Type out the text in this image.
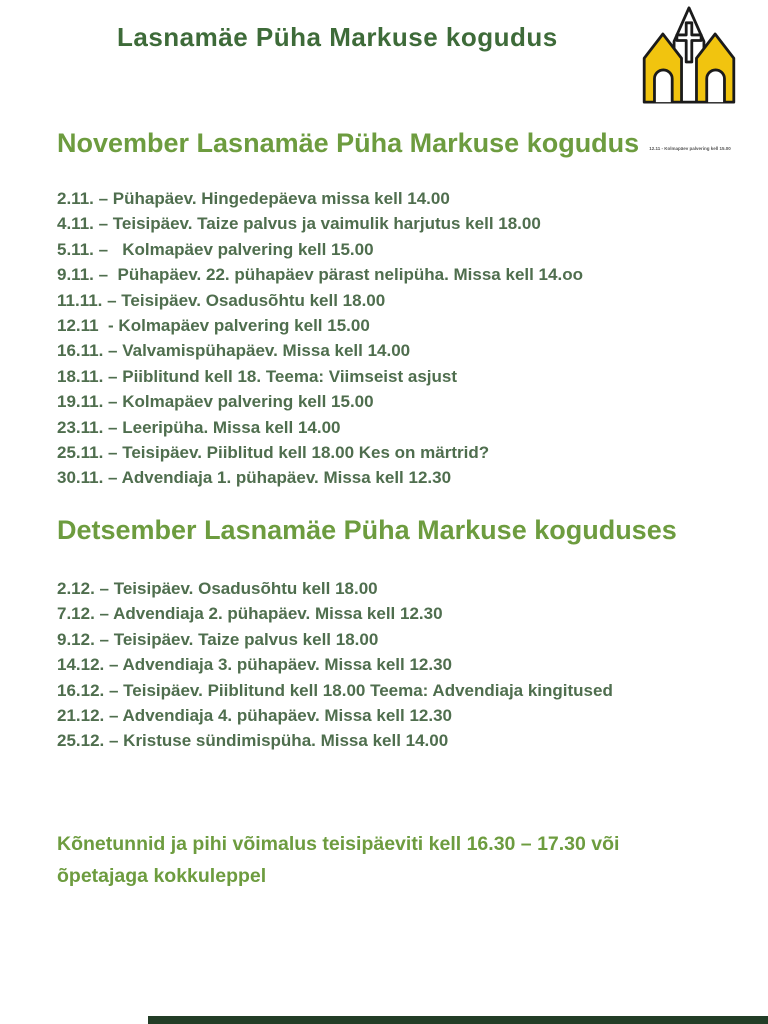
Lasnamäe Püha Markuse kogudus
November Lasnamäe Püha Markuse kogudus 12.11 - Kolmapäev palvering kell 15.00
2.11. – Pühapäev. Hingedepäeva missa kell 14.00
4.11. – Teisipäev. Taize palvus ja vaimulik harjutus kell 18.00
5.11. –   Kolmapäev palvering kell 15.00
9.11. –  Pühapäev. 22. pühapäev pärast nelipüha. Missa kell 14.oo
11.11. – Teisipäev. Osadusõhtu kell 18.00
12.11  - Kolmapäev palvering kell 15.00
16.11. – Valvamispühapäev. Missa kell 14.00
18.11. – Piiblitund kell 18. Teema: Viimseist asjust
19.11. – Kolmapäev palvering kell 15.00
23.11. – Leeripüha. Missa kell 14.00
25.11. – Teisipäev. Piiblitud kell 18.00 Kes on märtrid?
30.11. – Advendiaja 1. pühapäev. Missa kell 12.30
Detsember Lasnamäe Püha Markuse koguduses
2.12. – Teisipäev. Osadusõhtu kell 18.00
7.12. – Advendiaja 2. pühapäev. Missa kell 12.30
9.12. – Teisipäev. Taize palvus kell 18.00
14.12. – Advendiaja 3. pühapäev. Missa kell 12.30
16.12. – Teisipäev. Piiblitund kell 18.00 Teema: Advendiaja kingitused
21.12. – Advendiaja 4. pühapäev. Missa kell 12.30
25.12. – Kristuse sündimispüha. Missa kell 14.00
Kõnetunnid ja pihi võimalus teisipäeviti kell 16.30 – 17.30 või õpetajaga kokkuleppel
